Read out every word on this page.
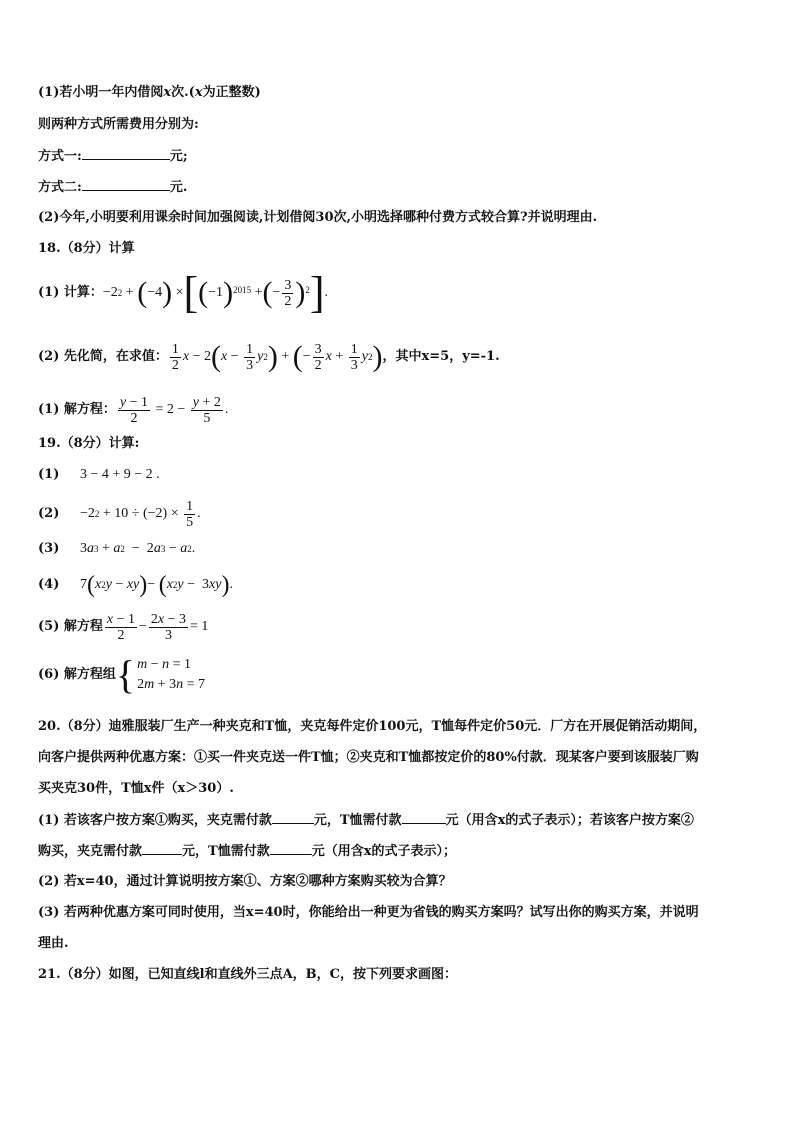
(1)若小明一年内借阅x次.(x为正整数)
则两种方式所需费用分别为:
方式一:	元;
方式二:	元.
(2)今年,小明要利用课余时间加强阅读,计划借阅30次,小明选择哪种付费方式较合算?并说明理由.
18.（8分）计算
(1) 计算： −2 2 + ( −4 ) × [ ( −1 )$^{2015}$ + ( − $\frac{3}{2} )^2$ ] .
(2) 先化简，在求值： $\frac{1}{2}$ x − 2 ( $x - \frac{1}{3}$ y 2 ) + ( − $\frac{3}{2}$ $x + \frac{1}{3}$ y 2 ) ，其中 x=5，y=-1.
(1) 解方程： $\frac{y - 1}{2} = 2 - \frac{y + 2}{5}$ .
19.（8分）计算:
(1)	3 − 4 + 9 − 2 .
(2)	−2 $2 + 10 \div (-2) \times \frac{1}{5}$ .
(3)	3 a 3 + a 2 −  2 a 3 − a 2 .
(4)	7 ( x 2 y − xy ) − ( x 2 y −  3 xy ) .
(5) 解方程 $\frac{x - 1}{2} - \frac{2x - 3}{3} = 1$
(6) 解方程组 { m − n = 1
2m + 3n = 7
20.（8分）迪雅服装厂生产一种夹克和T恤，夹克每件定价100元，T恤每件定价50元．厂方在开展促销活动期间，
向客户提供两种优惠方案：①买一件夹克送一件T恤；②夹克和T恤都按定价的80%付款．现某客户要到该服装厂购
买夹克30件，T恤x件（x＞30）.
(1) 若该客户按方案①购买，夹克需付款	元，T恤需付款	元（用含x的式子表示）；若该客户按方案②
购买，夹克需付款	元，T恤需付款	元（用含x的式子表示）；
(2) 若x=40，通过计算说明按方案①、方案②哪种方案购买较为合算？
(3) 若两种优惠方案可同时使用，当x=40时，你能给出一种更为省钱的购买方案吗？试写出你的购买方案，并说明
理由.
21.（8分）如图，已知直线l和直线外三点A，B，C，按下列要求画图：
